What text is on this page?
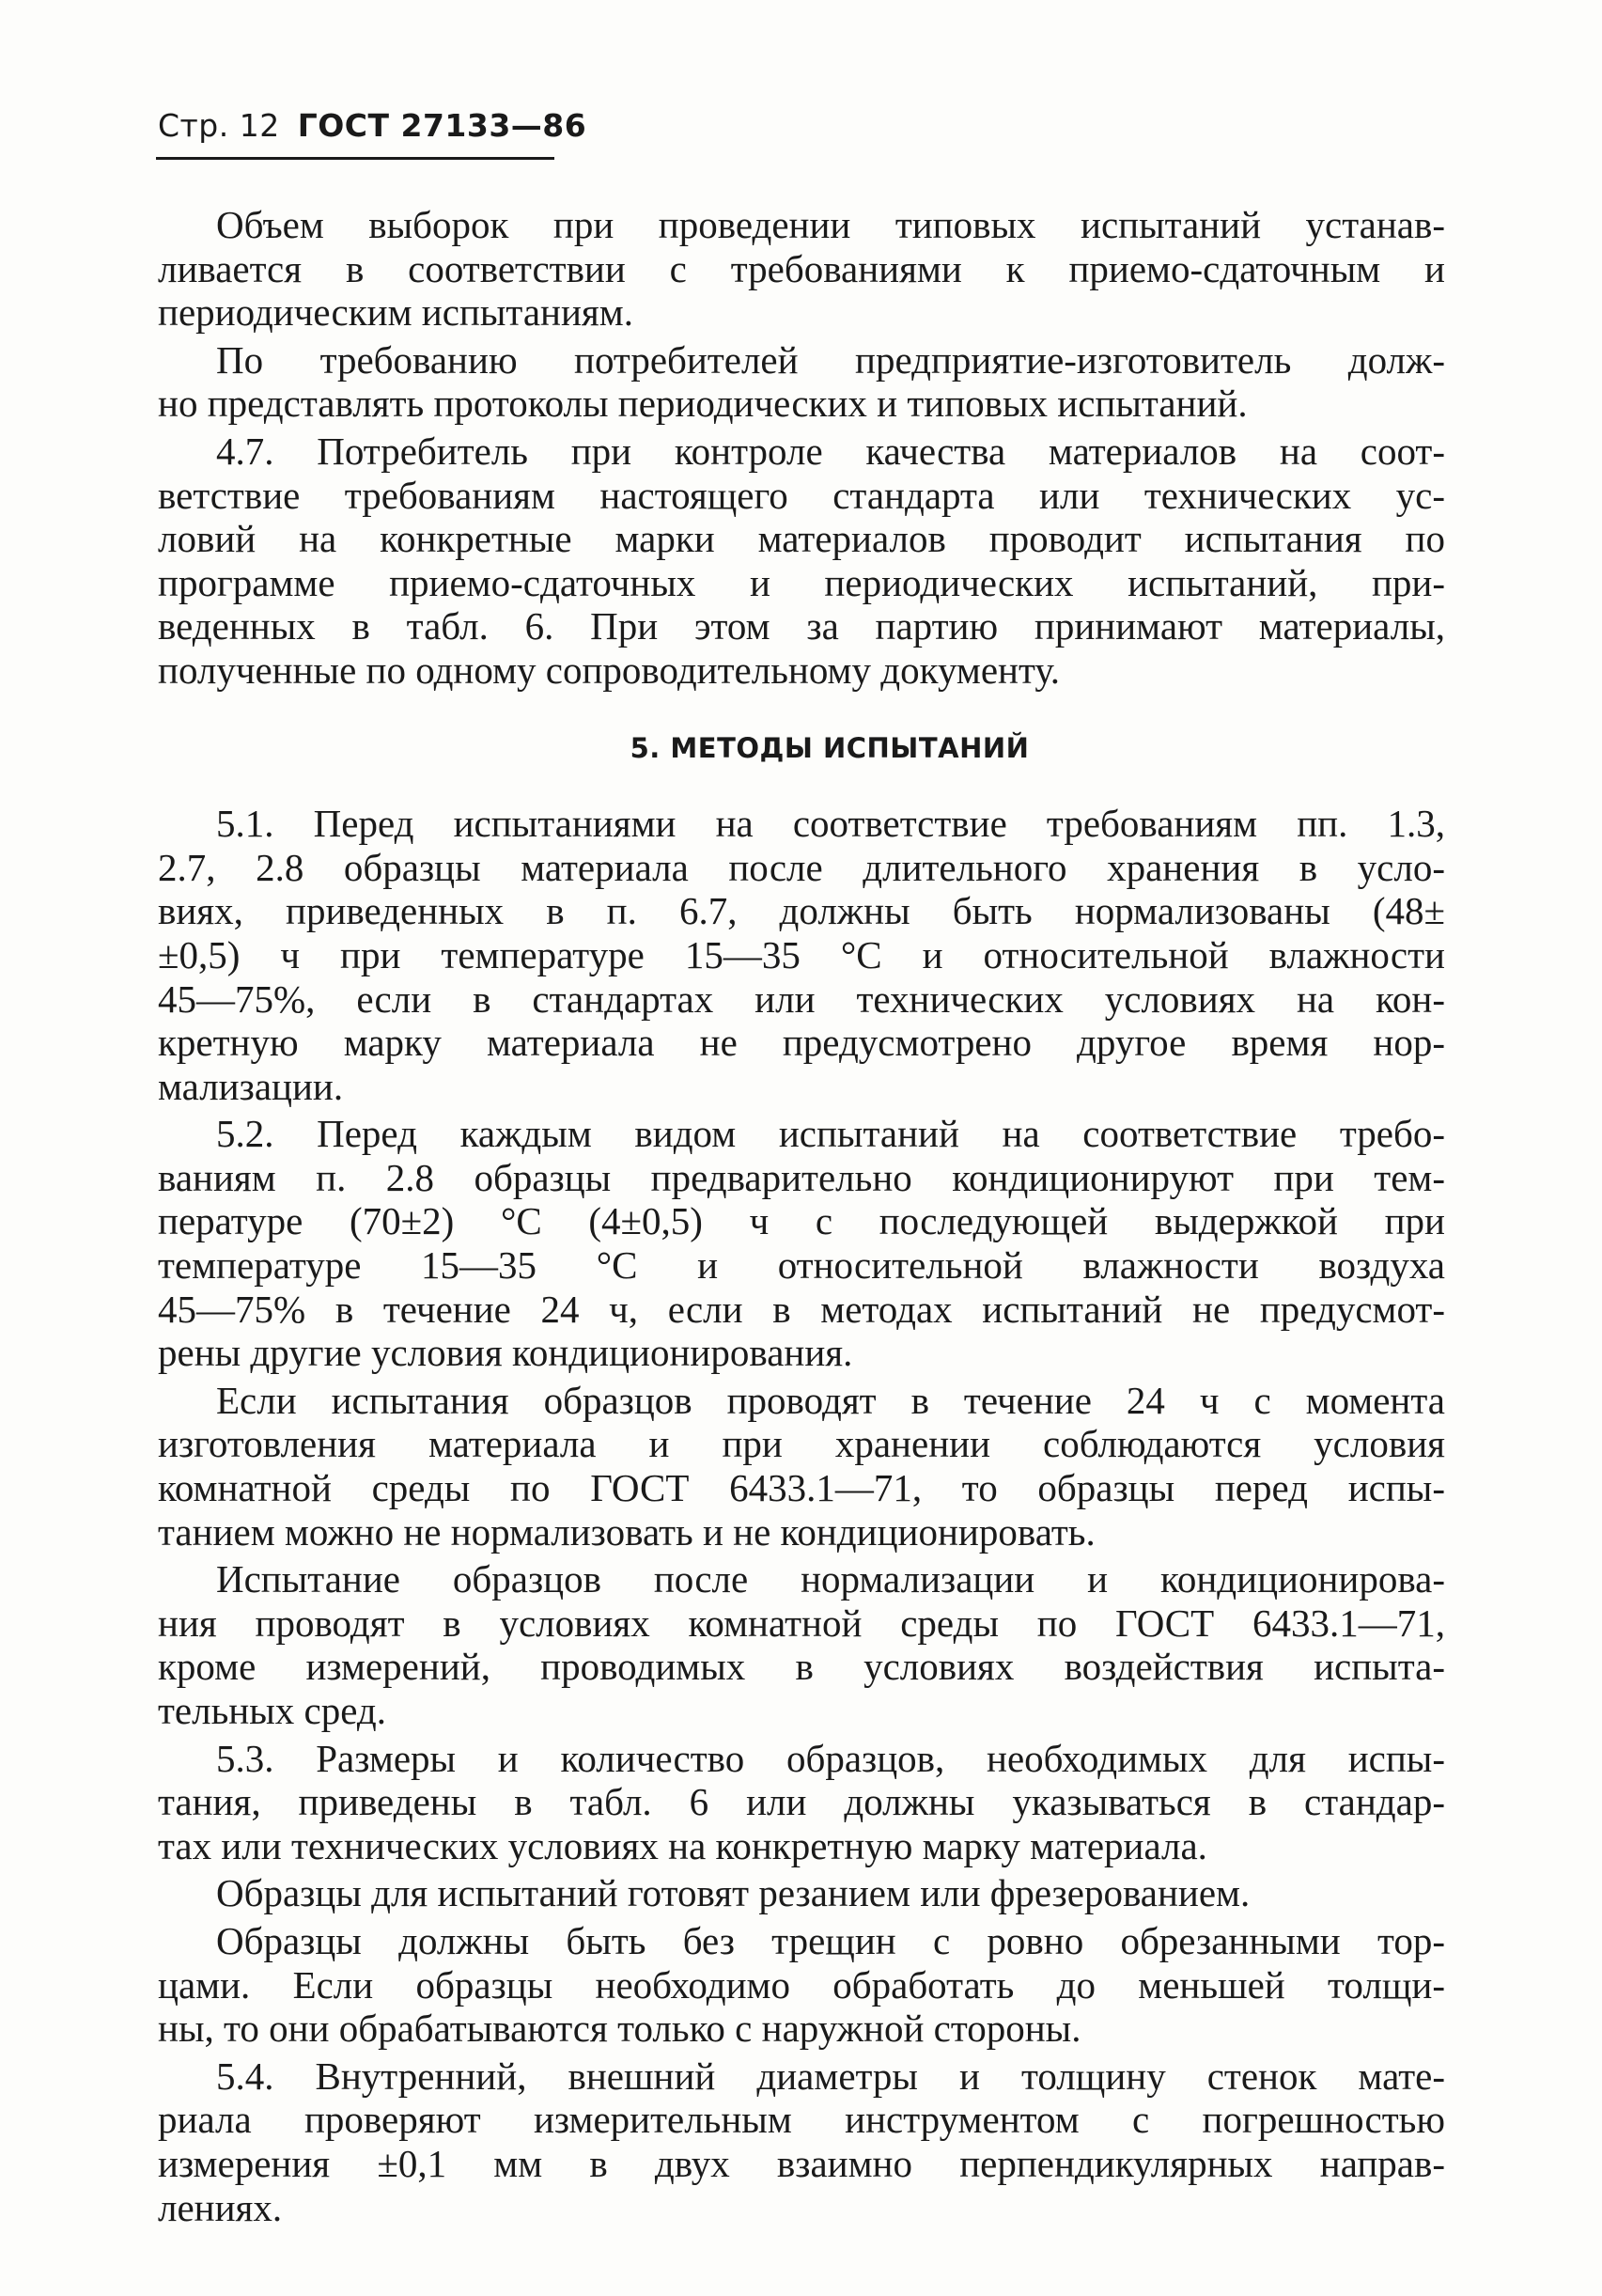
Стр. 12 ГОСТ 27133—86
Объем выборок при проведении типовых испытаний устанав-
ливается в соответствии с требованиями к приемо-сдаточным и
периодическим испытаниям.
По требованию потребителей предприятие-изготовитель долж-
но представлять протоколы периодических и типовых испытаний.
4.7. Потребитель при контроле качества материалов на соот-
ветствие требованиям настоящего стандарта или технических ус-
ловий на конкретные марки материалов проводит испытания по
программе приемо-сдаточных и периодических испытаний, при-
веденных в табл. 6. При этом за партию принимают материалы,
полученные по одному сопроводительному документу.
5. МЕТОДЫ ИСПЫТАНИЙ
5.1. Перед испытаниями на соответствие требованиям пп. 1.3,
2.7, 2.8 образцы материала после длительного хранения в усло-
виях, приведенных в п. 6.7, должны быть нормализованы (48±
±0,5) ч при температуре 15—35 °С и относительной влажности
45—75%, если в стандартах или технических условиях на кон-
кретную марку материала не предусмотрено другое время нор-
мализации.
5.2. Перед каждым видом испытаний на соответствие требо-
ваниям п. 2.8 образцы предварительно кондиционируют при тем-
пературе (70±2) °С (4±0,5) ч с последующей выдержкой при
температуре 15—35 °С и относительной влажности воздуха
45—75% в течение 24 ч, если в методах испытаний не предусмот-
рены другие условия кондиционирования.
Если испытания образцов проводят в течение 24 ч с момента
изготовления материала и при хранении соблюдаются условия
комнатной среды по ГОСТ 6433.1—71, то образцы перед испы-
танием можно не нормализовать и не кондиционировать.
Испытание образцов после нормализации и кондиционирова-
ния проводят в условиях комнатной среды по ГОСТ 6433.1—71,
кроме измерений, проводимых в условиях воздействия испыта-
тельных сред.
5.3. Размеры и количество образцов, необходимых для испы-
тания, приведены в табл. 6 или должны указываться в стандар-
тах или технических условиях на конкретную марку материала.
Образцы для испытаний готовят резанием или фрезерованием.
Образцы должны быть без трещин с ровно обрезанными тор-
цами. Если образцы необходимо обработать до меньшей толщи-
ны, то они обрабатываются только с наружной стороны.
5.4. Внутренний, внешний диаметры и толщину стенок мате-
риала проверяют измерительным инструментом с погрешностью
измерения ±0,1 мм в двух взаимно перпендикулярных направ-
лениях.
